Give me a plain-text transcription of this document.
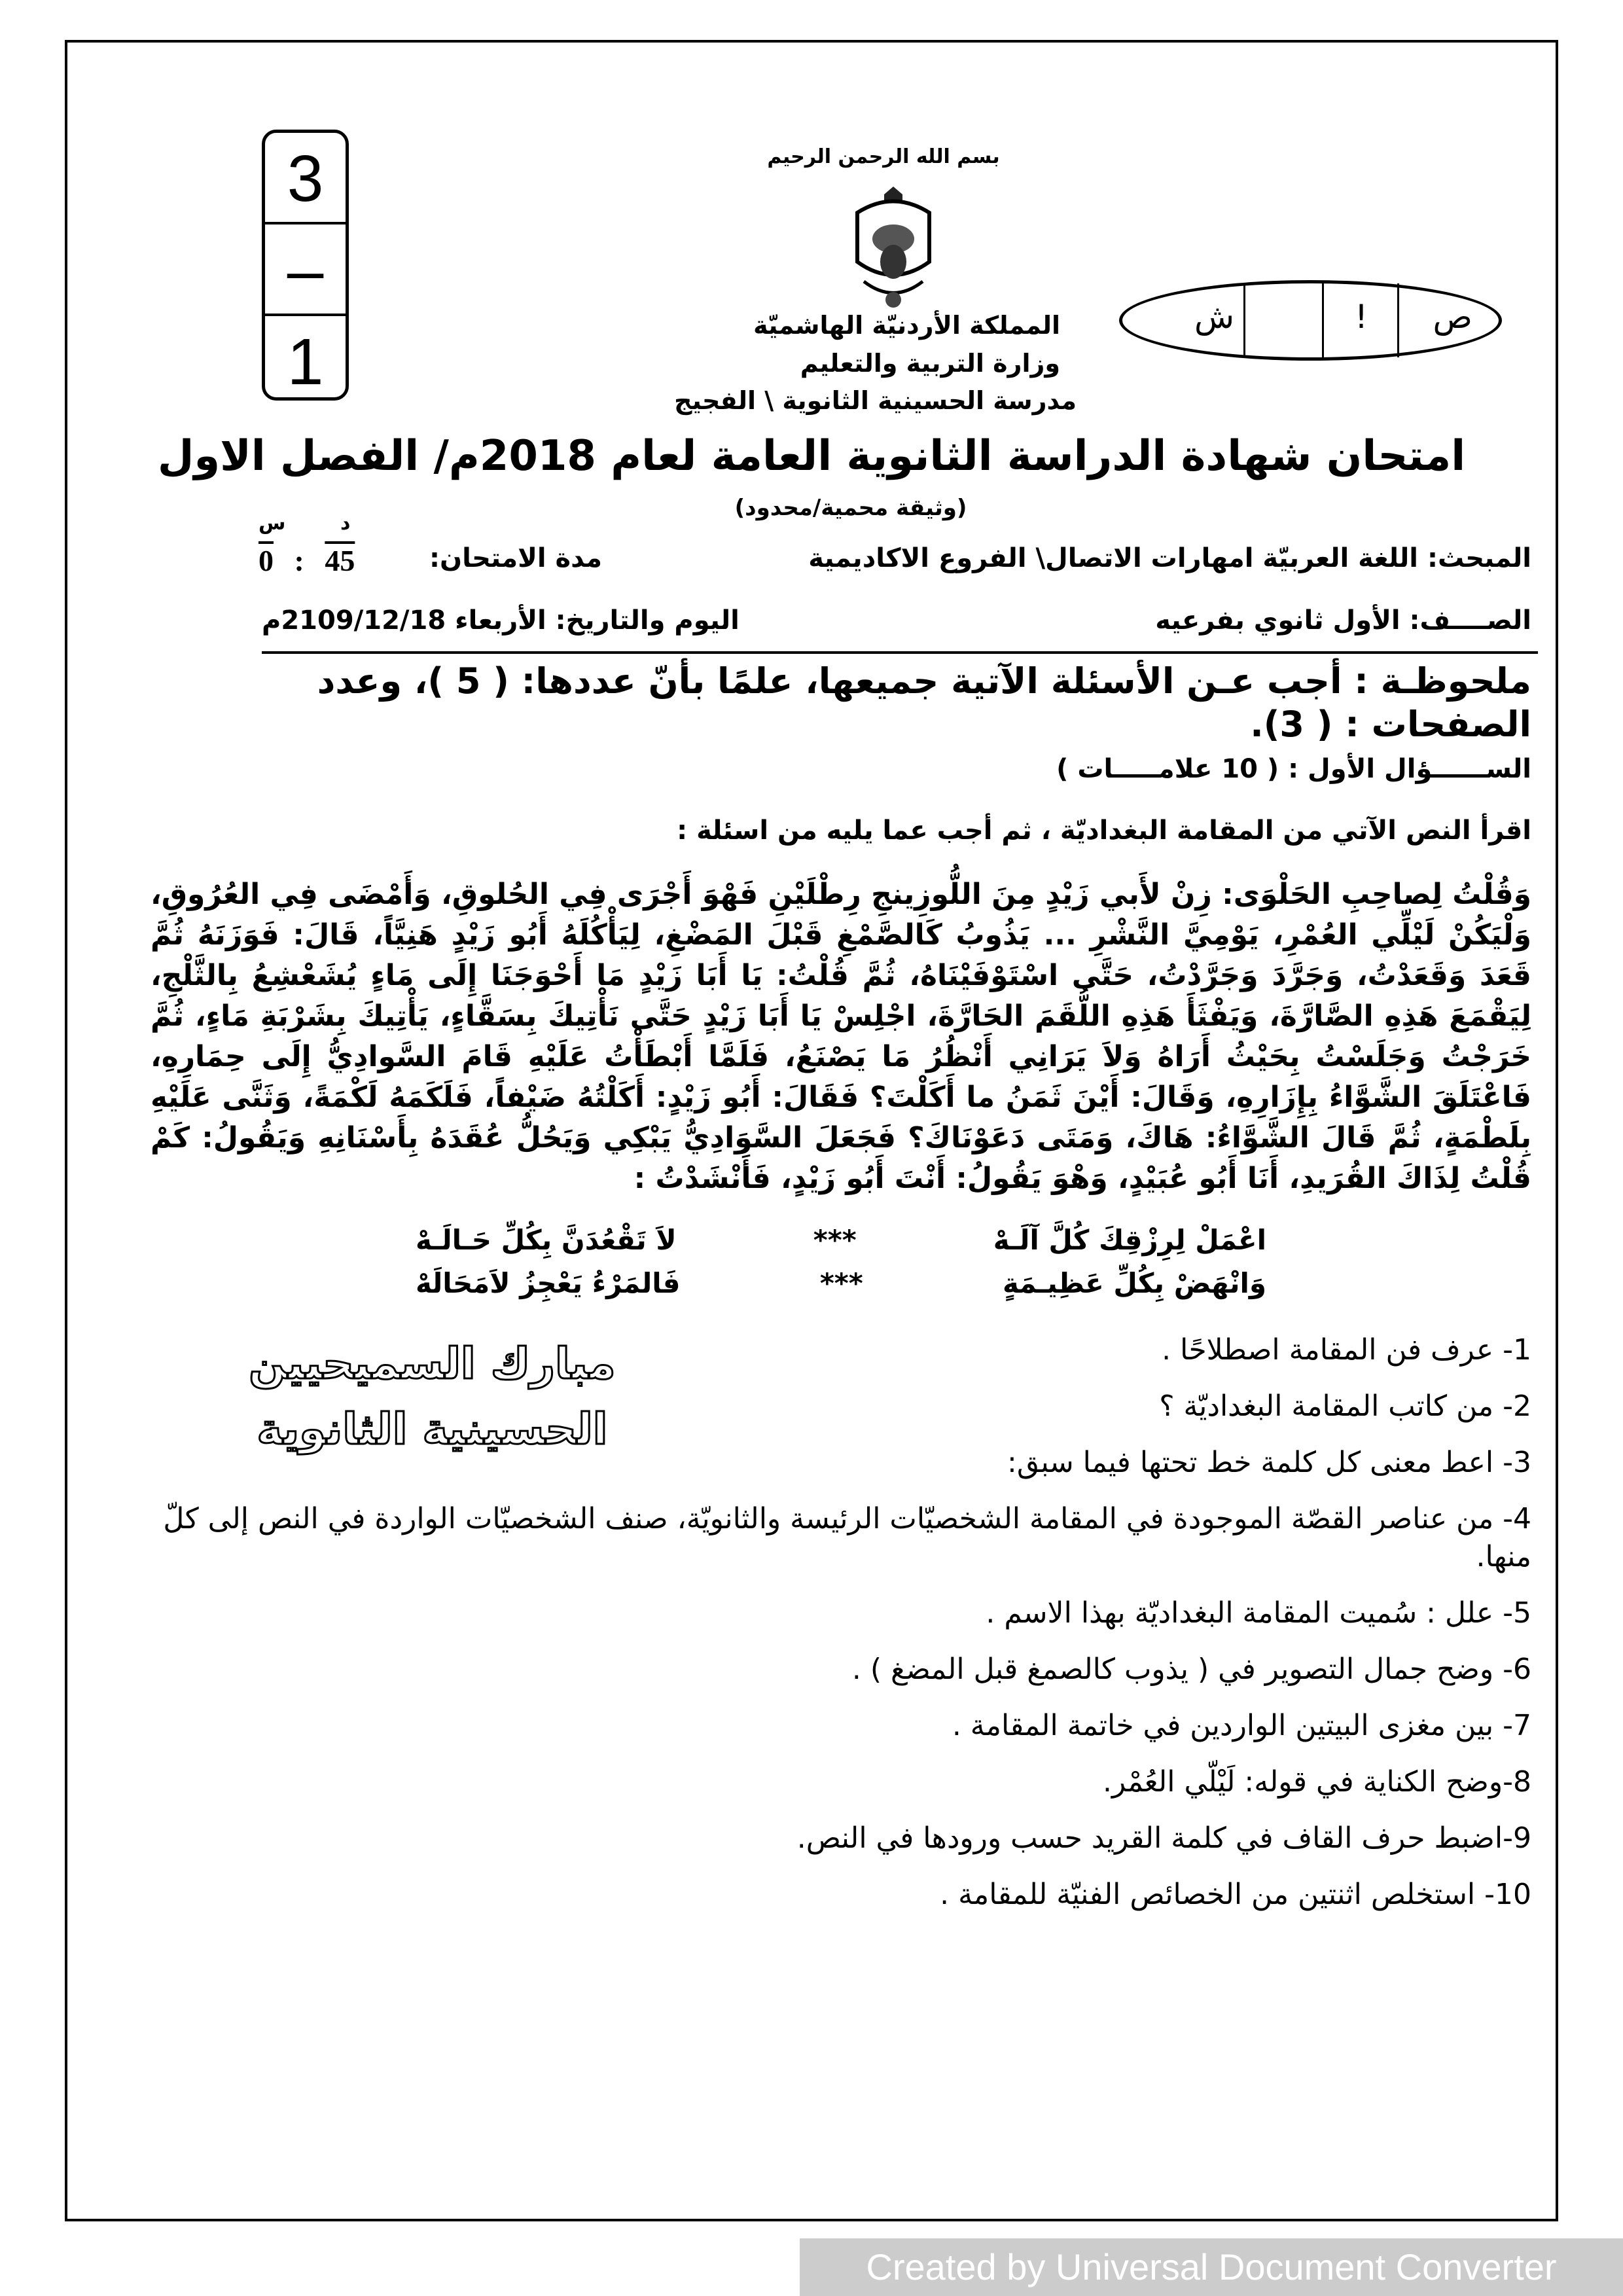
بسم الله الرحمن الرحيم
3
–
1
ص
!
ش
المملكة الأردنيّة الهاشميّة
وزارة التربية والتعليم
مدرسة الحسينية الثانوية \ الفجيج
امتحان شهادة الدراسة الثانوية العامة لعام 2018م/ الفصل الاول
(وثيقة محمية/محدود)
المبحث: اللغة العربيّة امهارات الاتصال\ الفروع الاكاديمية
مدة الامتحان:
0 : 45
س	د
الصــــف: الأول ثانوي بفرعيه
اليوم والتاريخ: الأربعاء 2109/12/18م
ملحوظـة : أجب عـن الأسئلة الآتية جميعها، علمًا بأنّ عددها: ( 5 )، وعدد الصفحات : ( 3).
الســــــؤال الأول : ( 10 علامـــــات )
اقرأ النص الآتي من المقامة البغداديّة ، ثم أجب عما يليه من اسئلة :
وَقُلْتُ لِصاحِبِ الحَلْوَى: زِنْ لأَبي زَيْدٍ مِنَ اللُّوزِينجِ رِطْلَيْنِ فَهْوَ أَجْرَى فِي الحُلوقِ، وَأَمْضَى فِي العُرُوقِ، وَلْيَكُنْ لَيْلِّي العُمْرِ، يَوْمِيَّ النَّشْرِ ... يَذُوبُ كَالصَّمْغِ قَبْلَ المَضْغِ، لِيَأْكُلَهُ أَبُو زَيْدٍ هَنِيَّاً، قَالَ: فَوَزَنَهُ ثُمَّ قَعَدَ وَقَعَدْتُ، وَجَرَّدَ وَجَرَّدْتُ، حَتَّى اسْتَوْفَيْنَاهُ، ثُمَّ قُلْتُ: يَا أَبَا زَيْدٍ مَا أَحْوَجَنَا إِلَى مَاءٍ يُشَعْشِعُ بِالثَّلْجِ، لِيَقْمَعَ هَذِهِ الصَّارَّةَ، وَيَفْثَأَ هَذِهِ اللُّقَمَ الحَارَّةَ، اجْلِسْ يَا أَبَا زَيْدٍ حَتَّى نَأْتِيكَ بِسَقَّاءٍ، يَأْتِيكَ بِشَرْبَةِ مَاءٍ، ثُمَّ خَرَجْتُ وَجَلَسْتُ بِحَيْثُ أَرَاهُ وَلاَ يَرَانِي أَنْظُرُ مَا يَصْنَعُ، فَلَمَّا أَبْطَأْتُ عَلَيْهِ قَامَ السَّوادِيُّ إِلَى حِمَارِهِ، فَاعْتَلَقَ الشَّوَّاءُ بِإِزَارِهِ، وَقَالَ: أَيْنَ ثَمَنُ ما أَكَلْتَ؟ فَقَالَ: أَبُو زَيْدٍ: أَكَلْتُهُ ضَيْفاً، فَلَكَمَهُ لَكْمَةً، وَثَنَّى عَلَيْهِ بِلَطْمَةٍ، ثُمَّ قَالَ الشَّوَّاءُ: هَاكَ، وَمَتَى دَعَوْنَاكَ؟ فَجَعَلَ السَّوَادِيُّ يَبْكِي وَيَحُلُّ عُقَدَهُ بِأَسْنَانِهِ وَيَقُولُ: كَمْ قُلْتُ لِذَاكَ القُرَيدِ، أَنَا أَبُو عُبَيْدٍ، وَهْوَ يَقُولُ: أَنْتَ أَبُو زَيْدٍ، فَأَنْشَدْتُ :
اعْمَلْ لِرِزْقِكَ كُلَّ آلَـهْ
***
لاَ تَقْعُدَنَّ بِكُلِّ حَـالَـهْ
وَانْهَضْ بِكُلِّ عَظِيـمَةٍ
***
فَالمَرْءُ يَعْجِزُ لاَمَحَالَهْ
مبارك السميحيين
الحسينية الثانوية
1- عرف فن المقامة اصطلاحًا .
2- من كاتب المقامة البغداديّة ؟
3- اعط معنى كل كلمة خط تحتها فيما سبق:
4- من عناصر القصّة الموجودة في المقامة الشخصيّات الرئيسة والثانويّة، صنف الشخصيّات الواردة في النص إلى كلّ منها.
5- علل : سُميت المقامة البغداديّة بهذا الاسم .
6- وضح جمال التصوير في ( يذوب كالصمغ قبل المضغ ) .
7- بين مغزى البيتين الواردين في خاتمة المقامة .
8-وضح الكناية في قوله: لَيْلّي العُمْر.
9-اضبط حرف القاف في كلمة القريد حسب ورودها في النص.
10- استخلص اثنتين من الخصائص الفنيّة للمقامة .
Created by Universal Document Converter
